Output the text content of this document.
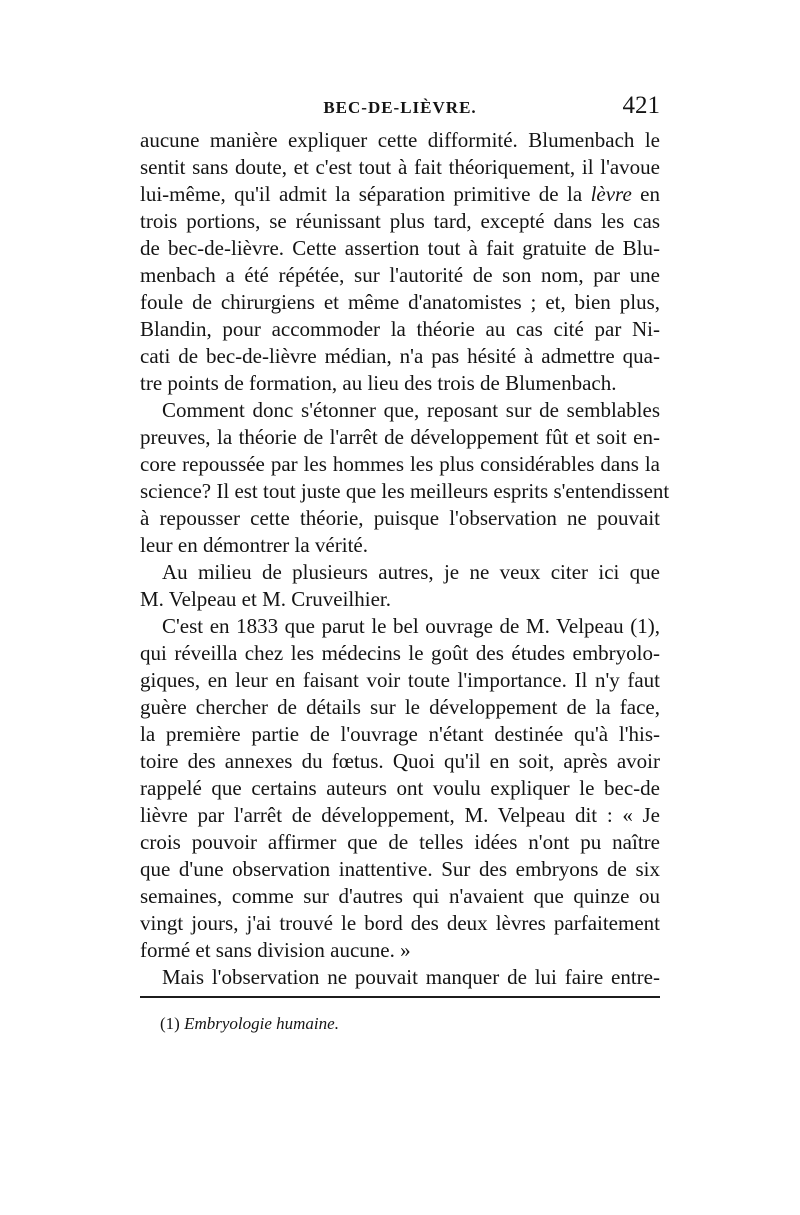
BEC-DE-LIÈVRE.	421
aucune manière expliquer cette difformité. Blumenbach le
sentit sans doute, et c'est tout à fait théoriquement, il l'avoue
lui-même, qu'il admit la séparation primitive de la lèvre en
trois portions, se réunissant plus tard, excepté dans les cas
de bec-de-lièvre. Cette assertion tout à fait gratuite de Blu-
menbach a été répétée, sur l'autorité de son nom, par une
foule de chirurgiens et même d'anatomistes ; et, bien plus,
Blandin, pour accommoder la théorie au cas cité par Ni-
cati de bec-de-lièvre médian, n'a pas hésité à admettre qua-
tre points de formation, au lieu des trois de Blumenbach.
Comment donc s'étonner que, reposant sur de semblables
preuves, la théorie de l'arrêt de développement fût et soit en-
core repoussée par les hommes les plus considérables dans la
science? Il est tout juste que les meilleurs esprits s'entendissent
à repousser cette théorie, puisque l'observation ne pouvait
leur en démontrer la vérité.
Au milieu de plusieurs autres, je ne veux citer ici que
M. Velpeau et M. Cruveilhier.
C'est en 1833 que parut le bel ouvrage de M. Velpeau (1),
qui réveilla chez les médecins le goût des études embryolo-
giques, en leur en faisant voir toute l'importance. Il n'y faut
guère chercher de détails sur le développement de la face,
la première partie de l'ouvrage n'étant destinée qu'à l'his-
toire des annexes du fœtus. Quoi qu'il en soit, après avoir
rappelé que certains auteurs ont voulu expliquer le bec-de
lièvre par l'arrêt de développement, M. Velpeau dit : « Je
crois pouvoir affirmer que de telles idées n'ont pu naître
que d'une observation inattentive. Sur des embryons de six
semaines, comme sur d'autres qui n'avaient que quinze ou
vingt jours, j'ai trouvé le bord des deux lèvres parfaitement
formé et sans division aucune. »
Mais l'observation ne pouvait manquer de lui faire entre-
(1) Embryologie humaine.
